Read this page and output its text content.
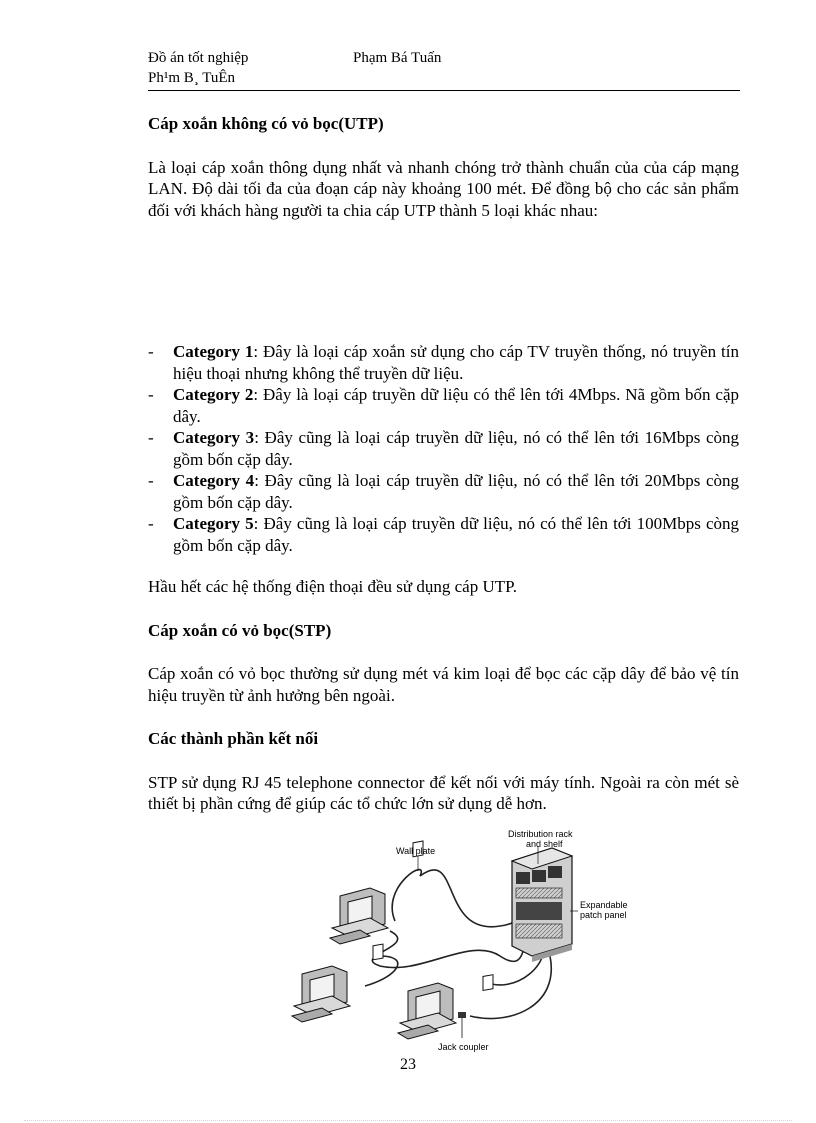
Đồ án tốt nghiệp	Phạm Bá Tuấn
Ph¹m B¸ TuÊn
Cáp xoắn không có vỏ bọc(UTP)

Là loại cáp xoắn thông dụng nhất và nhanh chóng trở thành chuẩn của của cáp mạng LAN. Độ dài tối đa của đoạn cáp này khoảng 100 mét. Để đồng bộ cho các sản phẩm đối với khách hàng người ta chia cáp UTP thành 5 loại khác nhau:

- Category 1: Đây là loại cáp xoắn sử dụng cho cáp TV truyền thống, nó truyền tín hiệu thoại nhưng không thể truyền dữ liệu.
- Category 2: Đây là loại cáp truyền dữ liệu có thể lên tới 4Mbps. Nã gồm bốn cặp dây.
- Category 3: Đây cũng là loại cáp truyền dữ liệu, nó có thể lên tới 16Mbps còng gồm bốn cặp dây.
- Category 4: Đây cũng là loại cáp truyền dữ liệu, nó có thể lên tới 20Mbps còng gồm bốn cặp dây.
- Category 5: Đây cũng là loại cáp truyền dữ liệu, nó có thể lên tới 100Mbps còng gồm bốn cặp dây.

Hầu hết các hệ thống điện thoại đều sử dụng cáp UTP.

Cáp xoắn có vỏ bọc(STP)

Cáp xoắn có vỏ bọc thường sử dụng mét vá kim loại để bọc các cặp dây để bảo vệ tín hiệu truyền từ ảnh hưởng bên ngoài.

Các thành phần kết nối

STP sử dụng RJ 45 telephone connector để kết nối với máy tính. Ngoài ra còn mét sè thiết bị phần cứng để giúp các tổ chức lớn sử dụng dễ hơn.

Wall plate
Distribution rack
and shelf
Expandable
patch panel
Jack coupler
23
